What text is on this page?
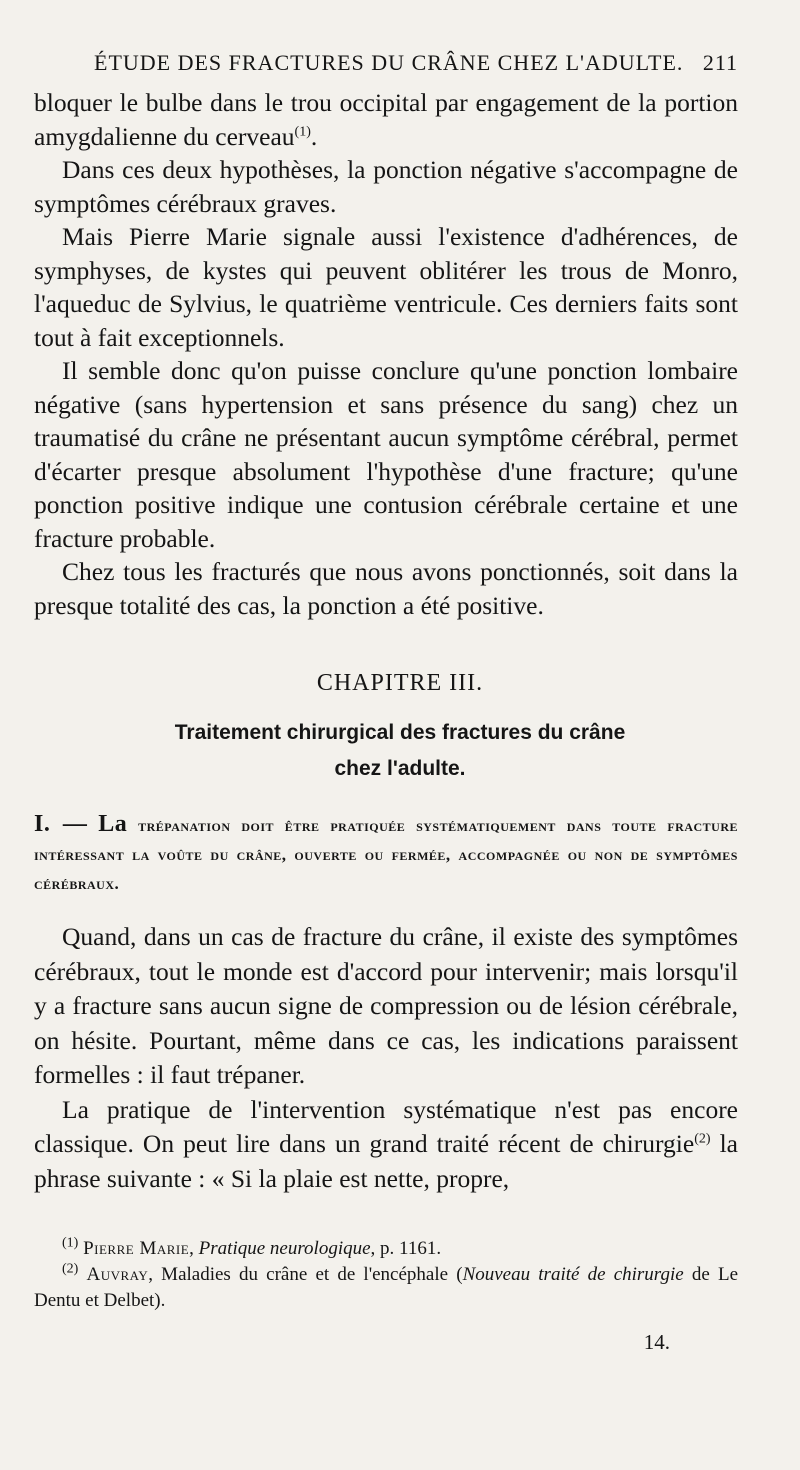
ÉTUDE DES FRACTURES DU CRÂNE CHEZ L'ADULTE. 211

bloquer le bulbe dans le trou occipital par engagement de la portion amygdalienne du cerveau$^{(1)}$.

Dans ces deux hypothèses, la ponction négative s'accompagne de symptômes cérébraux graves.

Mais Pierre Marie signale aussi l'existence d'adhérences, de symphyses, de kystes qui peuvent oblitérer les trous de Monro, l'aqueduc de Sylvius, le quatrième ventricule. Ces derniers faits sont tout à fait exceptionnels.

Il semble donc qu'on puisse conclure qu'une ponction lombaire négative (sans hypertension et sans présence du sang) chez un traumatisé du crâne ne présentant aucun symptôme cérébral, permet d'écarter presque absolument l'hypothèse d'une fracture; qu'une ponction positive indique une contusion cérébrale certaine et une fracture probable.

Chez tous les fracturés que nous avons ponctionnés, soit dans la presque totalité des cas, la ponction a été positive.

CHAPITRE III.
Traitement chirurgical des fractures du crâne
chez l'adulte.
I. — La trépanation doit être pratiquée systématiquement dans toute fracture intéressant la voûte du crâne, ouverte ou fermée, accompagnée ou non de symptômes cérébraux.

Quand, dans un cas de fracture du crâne, il existe des symptômes cérébraux, tout le monde est d'accord pour intervenir; mais lorsqu'il y a fracture sans aucun signe de compression ou de lésion cérébrale, on hésite. Pourtant, même dans ce cas, les indications paraissent formelles : il faut trépaner.

La pratique de l'intervention systématique n'est pas encore classique. On peut lire dans un grand traité récent de chirurgie$^{(2)}$ la phrase suivante : « Si la plaie est nette, propre,

$^{(1)}$ Pierre Marie, Pratique neurologique, p. 1161.

$^{(2)}$ Auvray, Maladies du crâne et de l'encéphale (Nouveau traité de chirurgie de Le Dentu et Delbet).

14.
